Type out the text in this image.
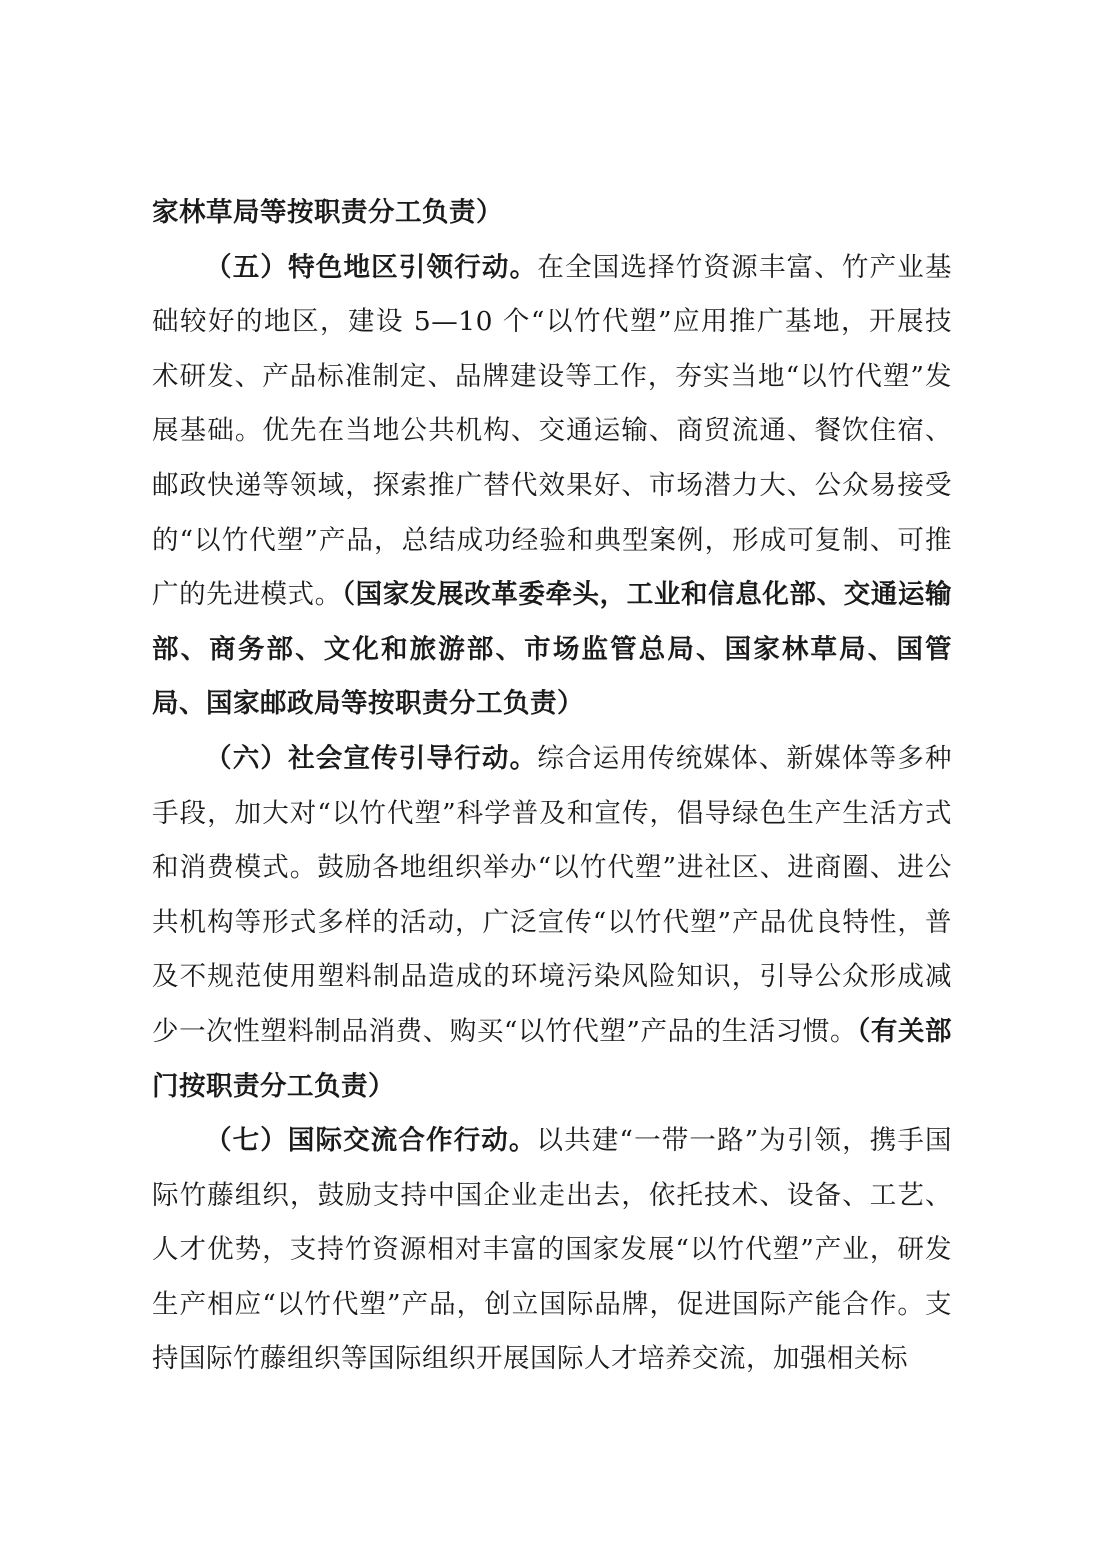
家林草局等按职责分工负责）

（五）特色地区引领行动。在全国选择竹资源丰富、竹产业基础较好的地区，建设 5—10 个“以竹代塑”应用推广基地，开展技术研发、产品标准制定、品牌建设等工作，夯实当地“以竹代塑”发展基础。优先在当地公共机构、交通运输、商贸流通、餐饮住宿、邮政快递等领域，探索推广替代效果好、市场潜力大、公众易接受的“以竹代塑”产品，总结成功经验和典型案例，形成可复制、可推广的先进模式。（国家发展改革委牵头，工业和信息化部、交通运输部、商务部、文化和旅游部、市场监管总局、国家林草局、国管局、国家邮政局等按职责分工负责）

（六）社会宣传引导行动。综合运用传统媒体、新媒体等多种手段，加大对“以竹代塑”科学普及和宣传，倡导绿色生产生活方式和消费模式。鼓励各地组织举办“以竹代塑”进社区、进商圈、进公共机构等形式多样的活动，广泛宣传“以竹代塑”产品优良特性，普及不规范使用塑料制品造成的环境污染风险知识，引导公众形成减少一次性塑料制品消费、购买“以竹代塑”产品的生活习惯。（有关部门按职责分工负责）

（七）国际交流合作行动。以共建“一带一路”为引领，携手国际竹藤组织，鼓励支持中国企业走出去，依托技术、设备、工艺、人才优势，支持竹资源相对丰富的国家发展“以竹代塑”产业，研发生产相应“以竹代塑”产品，创立国际品牌，促进国际产能合作。支持国际竹藤组织等国际组织开展国际人才培养交流，加强相关标
